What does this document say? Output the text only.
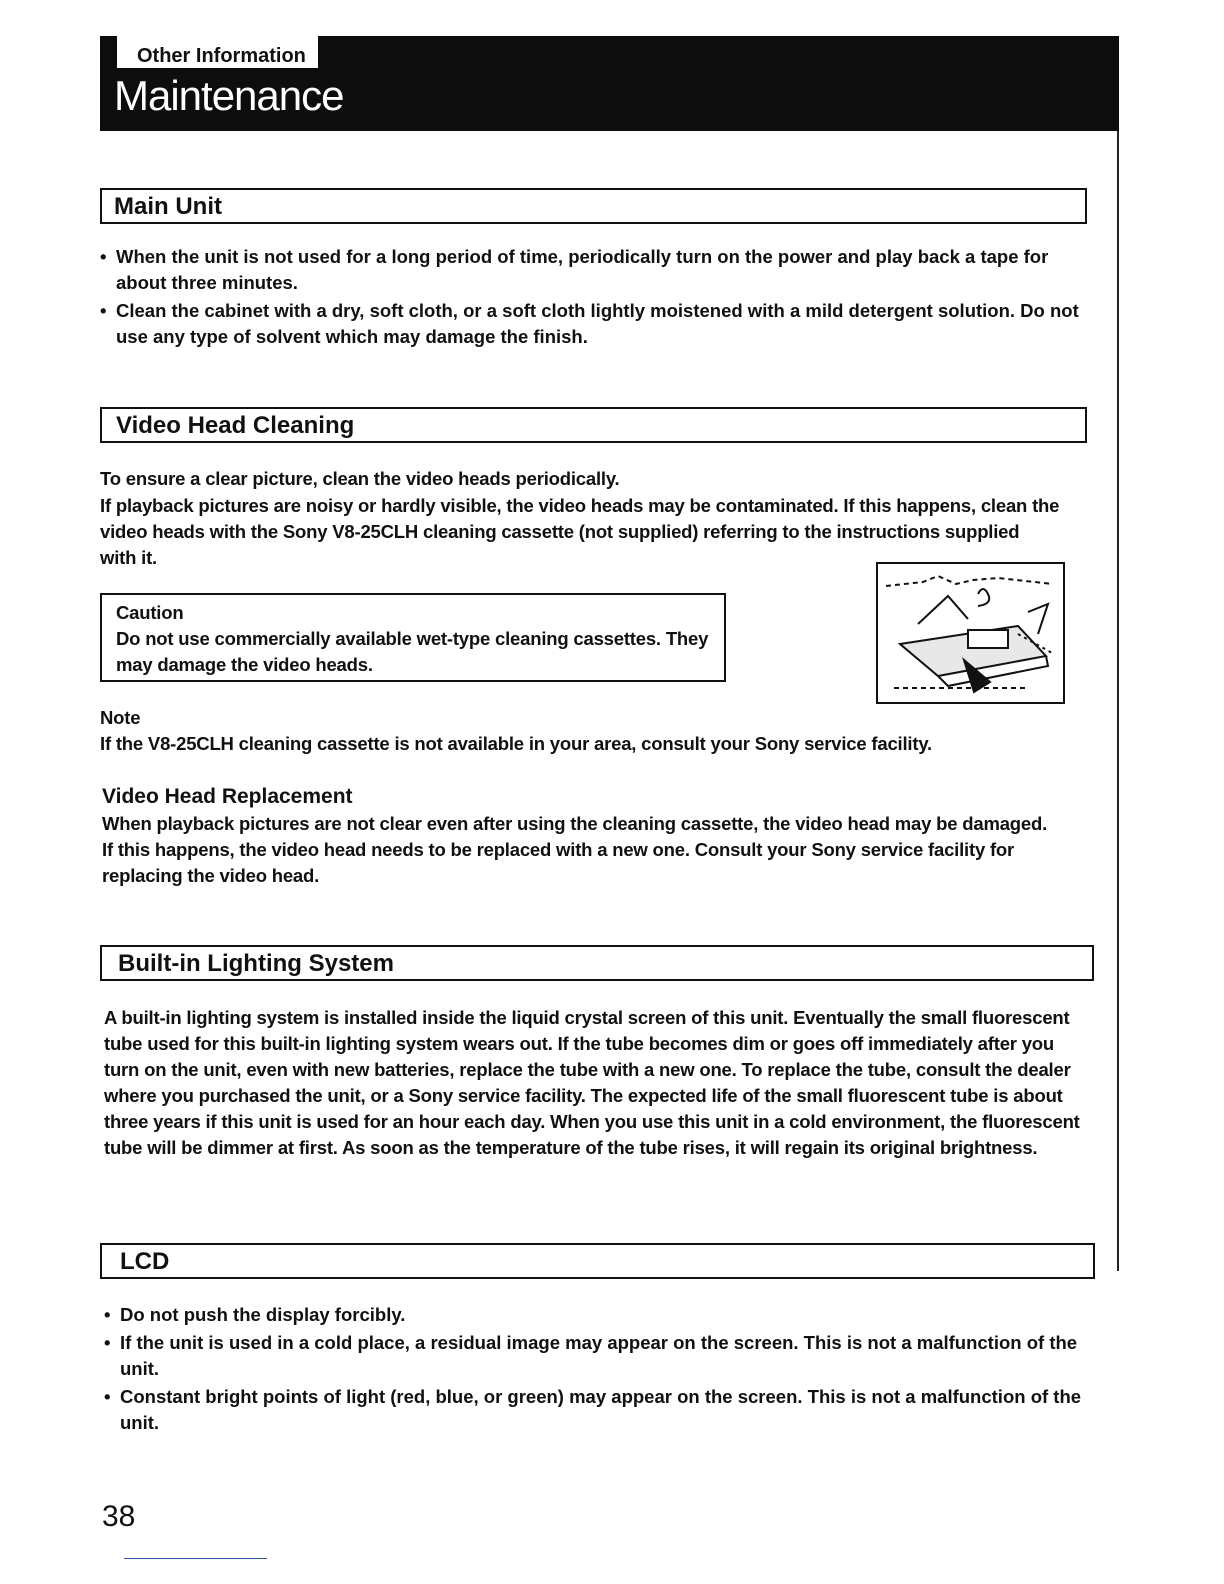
Other Information
Maintenance
Main Unit
• When the unit is not used for a long period of time, periodically turn on the power and play back a tape for about three minutes.
• Clean the cabinet with a dry, soft cloth, or a soft cloth lightly moistened with a mild detergent solution. Do not use any type of solvent which may damage the finish.
Video Head Cleaning
To ensure a clear picture, clean the video heads periodically.
If playback pictures are noisy or hardly visible, the video heads may be contaminated. If this happens, clean the video heads with the Sony V8-25CLH cleaning cassette (not supplied) referring to the instructions supplied with it.
Caution
Do not use commercially available wet-type cleaning cassettes. They may damage the video heads.
Note
If the V8-25CLH cleaning cassette is not available in your area, consult your Sony service facility.
Video Head Replacement
When playback pictures are not clear even after using the cleaning cassette, the video head may be damaged. If this happens, the video head needs to be replaced with a new one. Consult your Sony service facility for replacing the video head.
Built-in Lighting System
A built-in lighting system is installed inside the liquid crystal screen of this unit. Eventually the small fluorescent tube used for this built-in lighting system wears out. If the tube becomes dim or goes off immediately after you turn on the unit, even with new batteries, replace the tube with a new one. To replace the tube, consult the dealer where you purchased the unit, or a Sony service facility. The expected life of the small fluorescent tube is about three years if this unit is used for an hour each day. When you use this unit in a cold environment, the fluorescent tube will be dimmer at first. As soon as the temperature of the tube rises, it will regain its original brightness.
LCD
• Do not push the display forcibly.
• If the unit is used in a cold place, a residual image may appear on the screen. This is not a malfunction of the unit.
• Constant bright points of light (red, blue, or green) may appear on the screen. This is not a malfunction of the unit.
38
